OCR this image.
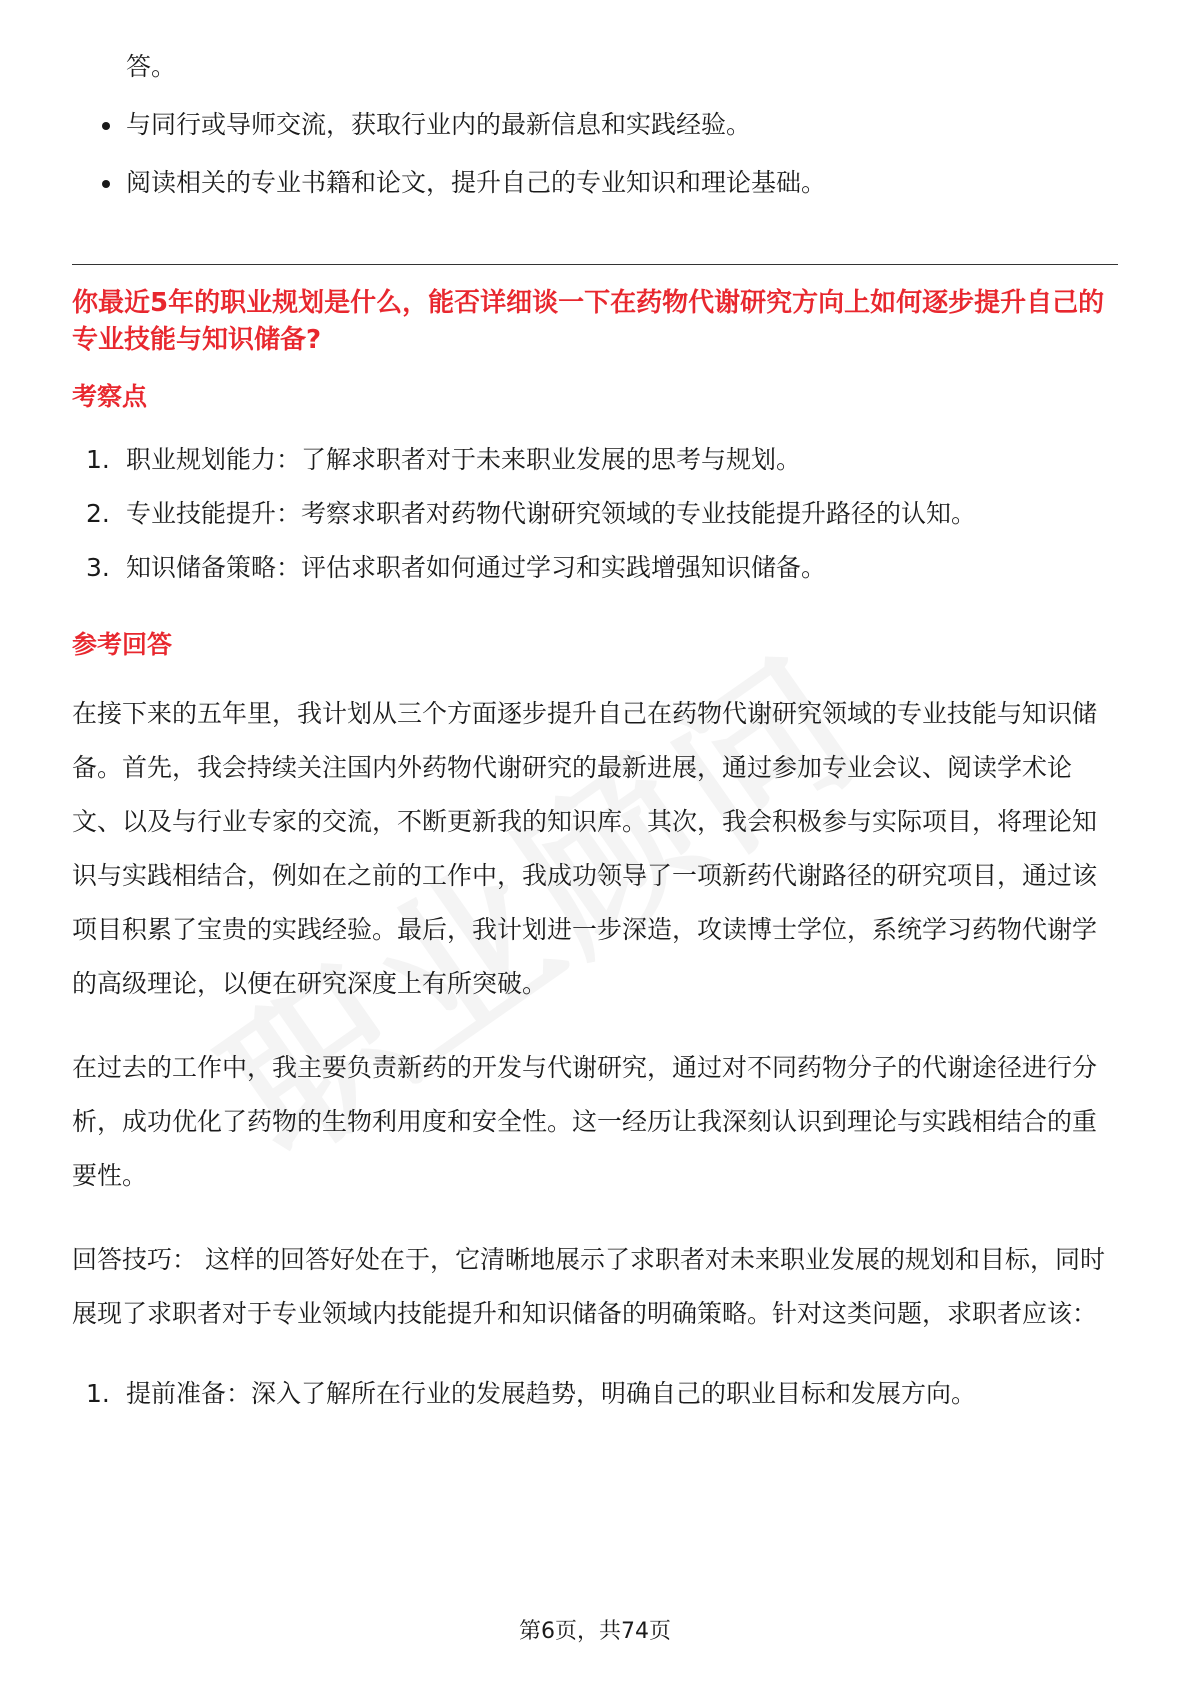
答。
与同行或导师交流，获取行业内的最新信息和实践经验。
阅读相关的专业书籍和论文，提升自己的专业知识和理论基础。
你最近5年的职业规划是什么，能否详细谈一下在药物代谢研究方向上如何逐步提升自己的专业技能与知识储备?
考察点
1. 职业规划能力：了解求职者对于未来职业发展的思考与规划。
2. 专业技能提升：考察求职者对药物代谢研究领域的专业技能提升路径的认知。
3. 知识储备策略：评估求职者如何通过学习和实践增强知识储备。
参考回答

在接下来的五年里，我计划从三个方面逐步提升自己在药物代谢研究领域的专业技能与知识储备。首先，我会持续关注国内外药物代谢研究的最新进展，通过参加专业会议、阅读学术论文、以及与行业专家的交流，不断更新我的知识库。其次，我会积极参与实际项目，将理论知识与实践相结合，例如在之前的工作中，我成功领导了一项新药代谢路径的研究项目，通过该项目积累了宝贵的实践经验。最后，我计划进一步深造，攻读博士学位，系统学习药物代谢学的高级理论，以便在研究深度上有所突破。

在过去的工作中，我主要负责新药的开发与代谢研究，通过对不同药物分子的代谢途径进行分析，成功优化了药物的生物利用度和安全性。这一经历让我深刻认识到理论与实践相结合的重要性。

回答技巧： 这样的回答好处在于，它清晰地展示了求职者对未来职业发展的规划和目标，同时展现了求职者对于专业领域内技能提升和知识储备的明确策略。针对这类问题，求职者应该：

1. 提前准备：深入了解所在行业的发展趋势，明确自己的职业目标和发展方向。
第6页，共74页
